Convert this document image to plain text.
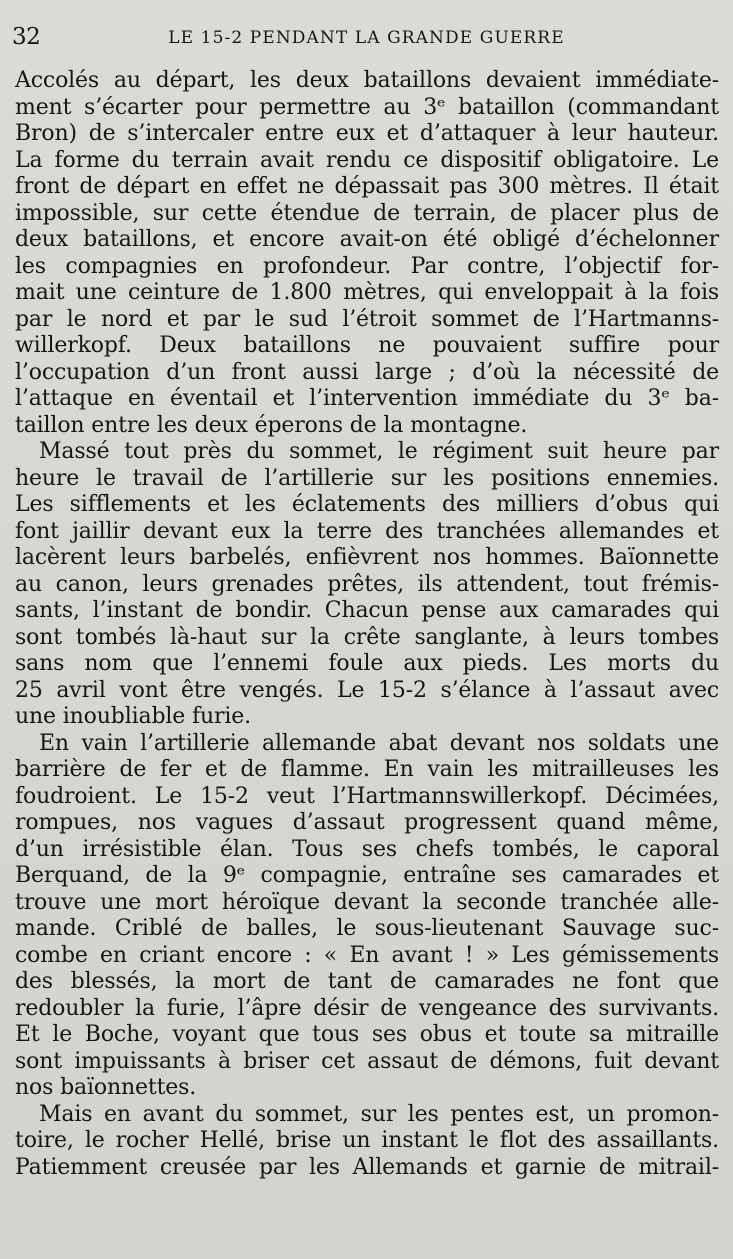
32	LE 15-2 PENDANT LA GRANDE GUERRE
Accolés au départ, les deux bataillons devaient immédiate-
ment s’écarter pour permettre au 3ᵉ bataillon (commandant
Bron) de s’intercaler entre eux et d’attaquer à leur hauteur.
La forme du terrain avait rendu ce dispositif obligatoire. Le
front de départ en effet ne dépassait pas 300 mètres. Il était
impossible, sur cette étendue de terrain, de placer plus de
deux bataillons, et encore avait-on été obligé d’échelonner
les compagnies en profondeur. Par contre, l’objectif for-
mait une ceinture de 1.800 mètres, qui enveloppait à la fois
par le nord et par le sud l’étroit sommet de l’Hartmanns-
willerkopf. Deux bataillons ne pouvaient suffire pour
l’occupation d’un front aussi large ; d’où la nécessité de
l’attaque en éventail et l’intervention immédiate du 3ᵉ ba-
taillon entre les deux éperons de la montagne.
Massé tout près du sommet, le régiment suit heure par
heure le travail de l’artillerie sur les positions ennemies.
Les sifflements et les éclatements des milliers d’obus qui
font jaillir devant eux la terre des tranchées allemandes et
lacèrent leurs barbelés, enfièvrent nos hommes. Baïonnette
au canon, leurs grenades prêtes, ils attendent, tout frémis-
sants, l’instant de bondir. Chacun pense aux camarades qui
sont tombés là-haut sur la crête sanglante, à leurs tombes
sans nom que l’ennemi foule aux pieds. Les morts du
25 avril vont être vengés. Le 15-2 s’élance à l’assaut avec
une inoubliable furie.
En vain l’artillerie allemande abat devant nos soldats une
barrière de fer et de flamme. En vain les mitrailleuses les
foudroient. Le 15-2 veut l’Hartmannswillerkopf. Décimées,
rompues, nos vagues d’assaut progressent quand même,
d’un irrésistible élan. Tous ses chefs tombés, le caporal
Berquand, de la 9ᵉ compagnie, entraîne ses camarades et
trouve une mort héroïque devant la seconde tranchée alle-
mande. Criblé de balles, le sous-lieutenant Sauvage suc-
combe en criant encore : « En avant ! » Les gémissements
des blessés, la mort de tant de camarades ne font que
redoubler la furie, l’âpre désir de vengeance des survivants.
Et le Boche, voyant que tous ses obus et toute sa mitraille
sont impuissants à briser cet assaut de démons, fuit devant
nos baïonnettes.
Mais en avant du sommet, sur les pentes est, un promon-
toire, le rocher Hellé, brise un instant le flot des assaillants.
Patiemment creusée par les Allemands et garnie de mitrail-
